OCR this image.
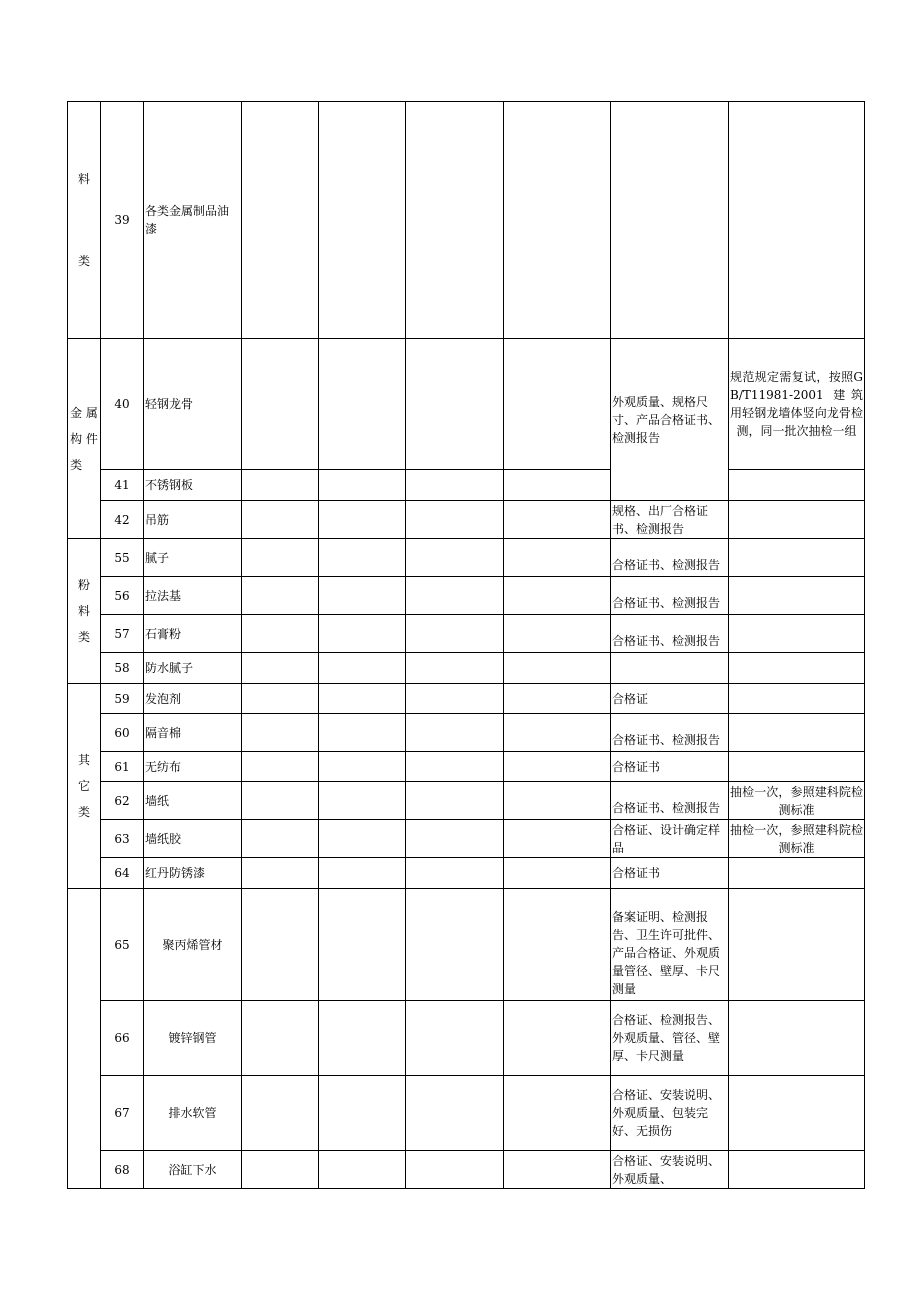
料
类	39	各类金属制品油漆						

金 属
构 件
类	40	轻钢龙骨					外观质量、规格尺寸、产品合格证书、检测报告	规范规定需复试，按照GB/T11981-2001 建筑用轻钢龙墙体竖向龙骨检测，同一批次抽检一组
	41	不锈钢板						
	42	吊筋					规格、出厂合格证书、检测报告	

粉
料
类	55	腻子					合格证书、检测报告	
	56	拉法基					合格证书、检测报告	
	57	石膏粉					合格证书、检测报告	
	58	防水腻子						

其
它
类	59	发泡剂					合格证	
	60	隔音棉					合格证书、检测报告	
	61	无纺布					合格证书	
	62	墙纸					合格证书、检测报告	抽检一次，参照建科院检测标准
	63	墙纸胶					合格证、设计确定样品	抽检一次，参照建科院检测标准
	64	红丹防锈漆					合格证书	
	65	聚丙烯管材					备案证明、检测报告、卫生许可批件、产品合格证、外观质量管径、壁厚、卡尺测量	
	66	镀锌钢管					合格证、检测报告、外观质量、管径、壁厚、卡尺测量	
	67	排水软管					合格证、安装说明、外观质量、包装完好、无损伤	
	68	浴缸下水					合格证、安装说明、外观质量、	
